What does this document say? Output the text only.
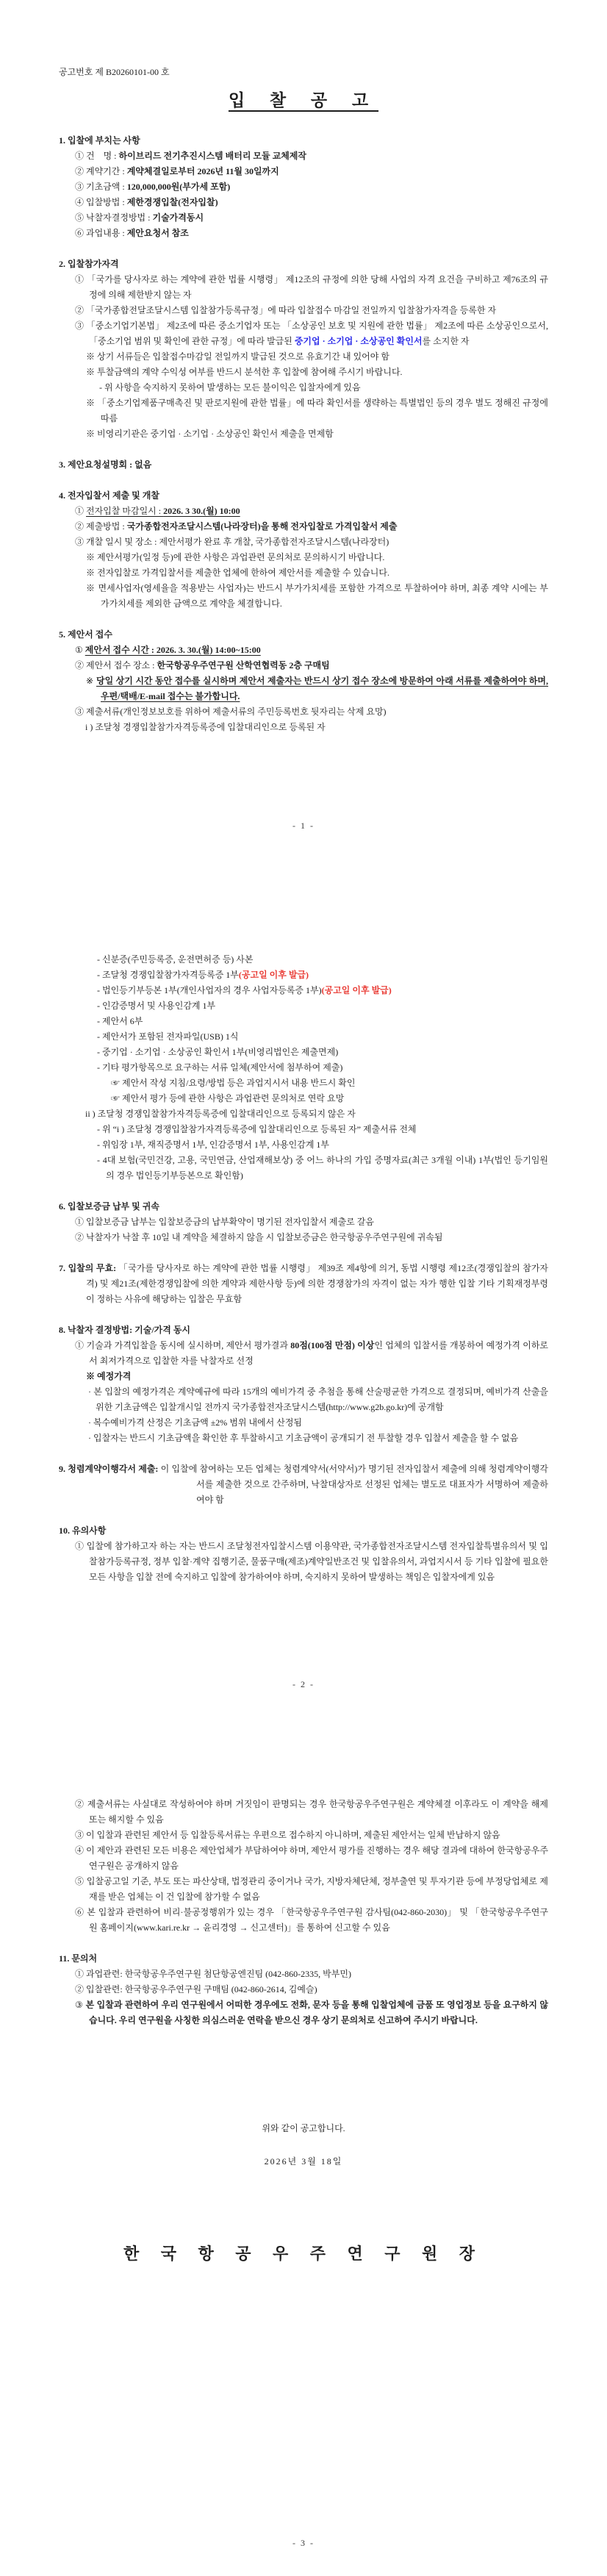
공고번호 제 B20260101-00 호
입 찰 공 고
1. 입찰에 부치는 사항
① 건    명 : 하이브리드 전기추진시스템 배터리 모듈 교체제작
② 계약기간 : 계약체결일로부터 2026년 11월 30일까지
③ 기초금액 : 120,000,000원(부가세 포함)
④ 입찰방법 : 제한경쟁입찰(전자입찰)
⑤ 낙찰자결정방법 : 기술가격동시
⑥ 과업내용 : 제안요청서 참조
2. 입찰참가자격
① 「국가를 당사자로 하는 계약에 관한 법률 시행령」 제12조의 규정에 의한 당해 사업의 자격 요건을 구비하고 제76조의 규정에 의해 제한받지 않는 자
② 「국가종합전달조달시스템 입찰참가등록규정」에 따라 입찰접수 마감일 전일까지 입찰참가자격을 등록한 자
③ 「중소기업기본법」 제2조에 따른 중소기업자 또는 「소상공인 보호 및 지원에 관한 법률」 제2조에 따른 소상공인으로서, 「중소기업 범위 및 확인에 관한 규정」에 따라 발급된 중기업 · 소기업 · 소상공인 확인서를 소지한 자
※ 상기 서류들은 입찰접수마감일 전일까지 발급된 것으로 유효기간 내 있어야 함
※ 투찰금액의 계약 수익성 여부를 반드시 분석한 후 입찰에 참여해 주시기 바랍니다.
- 위 사항을 숙지하지 못하여 발생하는 모든 불이익은 입찰자에게 있음
※ 「중소기업제품구매촉진 및 판로지원에 관한 법률」에 따라 확인서를 생략하는 특별법인 등의 경우 별도 정해진 규정에 따름
※ 비영리기관은 중기업 · 소기업 · 소상공인 확인서 제출을 면제함
3. 제안요청설명회 : 없음
4. 전자입찰서 제출 및 개찰
① 전자입찰 마감일시 : 2026. 3 30.(월) 10:00
② 제출방법 : 국가종합전자조달시스템(나라장터)을 통해 전자입찰로 가격입찰서 제출
③ 개찰 일시 및 장소 : 제안서평가 완료 후 개찰, 국가종합전자조달시스템(나라장터)
※ 제안서평가(일정 등)에 관한 사항은 과업관련 문의처로 문의하시기 바랍니다.
※ 전자입찰로 가격입찰서를 제출한 업체에 한하여 제안서를 제출할 수 있습니다.
※ 면세사업자(영세율을 적용받는 사업자)는 반드시 부가가치세를 포함한 가격으로 투찰하여야 하며, 최종 계약 시에는 부가가치세를 제외한 금액으로 계약을 체결합니다.
5. 제안서 접수
① 제안서 접수 시간 : 2026. 3. 30.(월) 14:00~15:00
② 제안서 접수 장소 : 한국항공우주연구원 산학연협력동 2층 구매팀
※ 당일 상기 시간 동안 접수를 실시하며 제안서 제출자는 반드시 상기 접수 장소에 방문하여 아래 서류를 제출하여야 하며, 우편/택배/E-mail 접수는 불가합니다.
③ 제출서류(개인정보보호를 위하여 제출서류의 주민등록번호 뒷자리는 삭제 요망)
i ) 조달청 경쟁입찰참가자격등록증에 입찰대리인으로 등록된 자
- 1 -
- 신분증(주민등록증, 운전면허증 등) 사본
- 조달청 경쟁입찰참가자격등록증 1부(공고일 이후 발급)
- 법인등기부등본 1부(개인사업자의 경우 사업자등록증 1부)(공고일 이후 발급)
- 인감증명서 및 사용인감계 1부
- 제안서 6부
- 제안서가 포함된 전자파일(USB) 1식
- 중기업 · 소기업 · 소상공인 확인서 1부(비영리법인은 제출면제)
- 기타 평가항목으로 요구하는 서류 일체(제안서에 첨부하여 제출)
☞ 제안서 작성 지침/요령/방법 등은 과업지시서 내용 반드시 확인
☞ 제안서 평가 등에 관한 사항은 과업관련 문의처로 연락 요망
ii ) 조달청 경쟁입찰참가자격등록증에 입찰대리인으로 등록되지 않은 자
- 위 “i ) 조달청 경쟁입찰참가자격등록증에 입찰대리인으로 등록된 자” 제출서류 전체
- 위임장 1부, 재직증명서 1부, 인감증명서 1부, 사용인감계 1부
- 4대 보험(국민건강, 고용, 국민연금, 산업재해보상) 중 어느 하나의 가입 증명자료(최근 3개월 이내) 1부(법인 등기임원의 경우 법인등기부등본으로 확인함)
6. 입찰보증금 납부 및 귀속
① 입찰보증금 납부는 입찰보증금의 납부확약이 명기된 전자입찰서 제출로 갈음
② 낙찰자가 낙찰 후 10일 내 계약을 체결하지 않을 시 입찰보증금은 한국항공우주연구원에 귀속됨
7. 입찰의 무효: 「국가를 당사자로 하는 계약에 관한 법률 시행령」 제39조 제4항에 의거, 동법 시행령 제12조(경쟁입찰의 참가자격) 및 제21조(제한경쟁입찰에 의한 계약과 제한사항 등)에 의한 경쟁참가의 자격이 없는 자가 행한 입찰 기타 기획재정부령이 정하는 사유에 해당하는 입찰은 무효함
8. 낙찰자 결정방법: 기술/가격 동시
① 기술과 가격입찰을 동시에 실시하며, 제안서 평가결과 80점(100점 만점) 이상인 업체의 입찰서를 개봉하여 예정가격 이하로서 최저가격으로 입찰한 자를 낙찰자로 선정
※ 예정가격
· 본 입찰의 예정가격은 계약예규에 따라 15개의 예비가격 중 추첨을 통해 산술평균한 가격으로 결정되며, 예비가격 산출을 위한 기초금액은 입찰개시일 전까지 국가종합전자조달시스템(http://www.g2b.go.kr)에 공개함
· 복수예비가격 산정은 기초금액 ±2% 범위 내에서 산정됨
· 입찰자는 반드시 기초금액을 확인한 후 투찰하시고 기초금액이 공개되기 전 투찰할 경우 입찰서 제출을 할 수 없음
9. 청렴계약이행각서 제출: 이 입찰에 참여하는 모든 업체는 청렴계약서(서약서)가 명기된 전자입찰서 제출에 의해 청렴계약이행각서를 제출한 것으로 간주하며, 낙찰대상자로 선정된 업체는 별도로 대표자가 서명하여 제출하여야 함
10. 유의사항
① 입찰에 참가하고자 하는 자는 반드시 조달청전자입찰시스템 이용약관, 국가종합전자조달시스템 전자입찰특별유의서 및 입찰참가등록규정, 정부 입찰·계약 집행기준, 물품구매(제조)계약일반조건 및 입찰유의서, 과업지시서 등 기타 입찰에 필요한 모든 사항을 입찰 전에 숙지하고 입찰에 참가하여야 하며, 숙지하지 못하여 발생하는 책임은 입찰자에게 있음
- 2 -
② 제출서류는 사실대로 작성하여야 하며 거짓임이 판명되는 경우 한국항공우주연구원은 계약체결 이후라도 이 계약을 해제 또는 해지할 수 있음
③ 이 입찰과 관련된 제안서 등 입찰등록서류는 우편으로 접수하지 아니하며, 제출된 제안서는 일체 반납하지 않음
④ 이 제안과 관련된 모든 비용은 제안업체가 부담하여야 하며, 제안서 평가를 진행하는 경우 해당 결과에 대하여 한국항공우주연구원은 공개하지 않음
⑤ 입찰공고일 기준, 부도 또는 파산상태, 법정관리 중이거나 국가, 지방자체단체, 정부출연 및 투자기관 등에 부정당업체로 제재를 받은 업체는 이 건 입찰에 참가할 수 없음
⑥ 본 입찰과 관련하여 비리·불공정행위가 있는 경우 「한국항공우주연구원 감사팀(042-860-2030)」 및 「한국항공우주연구원 홈페이지(www.kari.re.kr → 윤리경영 → 신고센터)」를 통하여 신고할 수 있음
11. 문의처
① 과업관련: 한국항공우주연구원 첨단항공엔진팀 (042-860-2335, 박부민)
② 입찰관련: 한국항공우주연구원 구매팀 (042-860-2614, 김예슬)
③ 본 입찰과 관련하여 우리 연구원에서 어떠한 경우에도 전화, 문자 등을 통해 입찰업체에 금품 또 영업정보 등을 요구하지 않습니다. 우리 연구원을 사칭한 의심스러운 연락을 받으신 경우 상기 문의처로 신고하여 주시기 바랍니다.
위와 같이 공고합니다.
2026년 3월 18일
한 국 항 공 우 주 연 구 원 장
- 3 -
